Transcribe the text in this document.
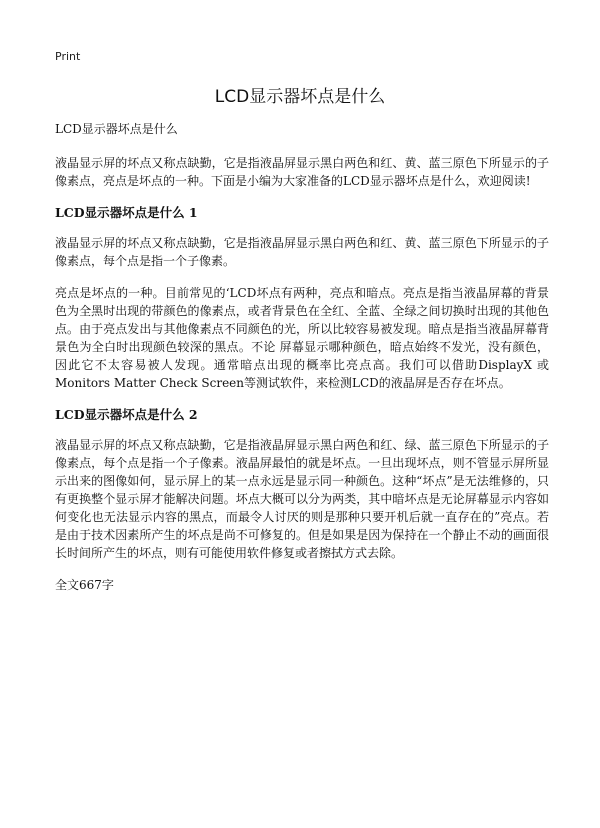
Print
LCD显示器坏点是什么

LCD显示器坏点是什么

液晶显示屏的坏点又称点缺勤，它是指液晶屏显示黑白两色和红、黄、蓝三原色下所显示的子像素点，亮点是坏点的一种。下面是小编为大家准备的LCD显示器坏点是什么，欢迎阅读!

LCD显示器坏点是什么 1

液晶显示屏的坏点又称点缺勤，它是指液晶屏显示黑白两色和红、黄、蓝三原色下所显示的子像素点，每个点是指一个子像素。

亮点是坏点的一种。目前常见的‘LCD坏点有两种，亮点和暗点。亮点是指当液晶屏幕的背景色为全黑时出现的带颜色的像素点，或者背景色在全红、全蓝、全绿之间切换时出现的其他色点。由于亮点发出与其他像素点不同颜色的光，所以比较容易被发现。暗点是指当液晶屏幕背景色为全白时出现颜色较深的黑点。不论 屏幕显示哪种颜色，暗点始终不发光，没有颜色，因此它不太容易被人发现。通常暗点出现的概率比亮点高。我们可以借助DisplayX 或Monitors Matter Check Screen等测试软件，来检测LCD的液晶屏是否存在坏点。

LCD显示器坏点是什么 2

液晶显示屏的坏点又称点缺勤，它是指液晶屏显示黑白两色和红、绿、蓝三原色下所显示的子像素点，每个点是指一个子像素。液晶屏最怕的就是坏点。一旦出现坏点，则不管显示屏所显示出来的图像如何，显示屏上的某一点永远是显示同一种颜色。这种“坏点”是无法维修的，只有更换整个显示屏才能解决问题。坏点大概可以分为两类，其中暗坏点是无论屏幕显示内容如何变化也无法显示内容的黑点，而最令人讨厌的则是那种只要开机后就一直存在的”亮点。若是由于技术因素所产生的坏点是尚不可修复的。但是如果是因为保持在一个静止不动的画面很长时间所产生的坏点，则有可能使用软件修复或者擦拭方式去除。

全文667字
